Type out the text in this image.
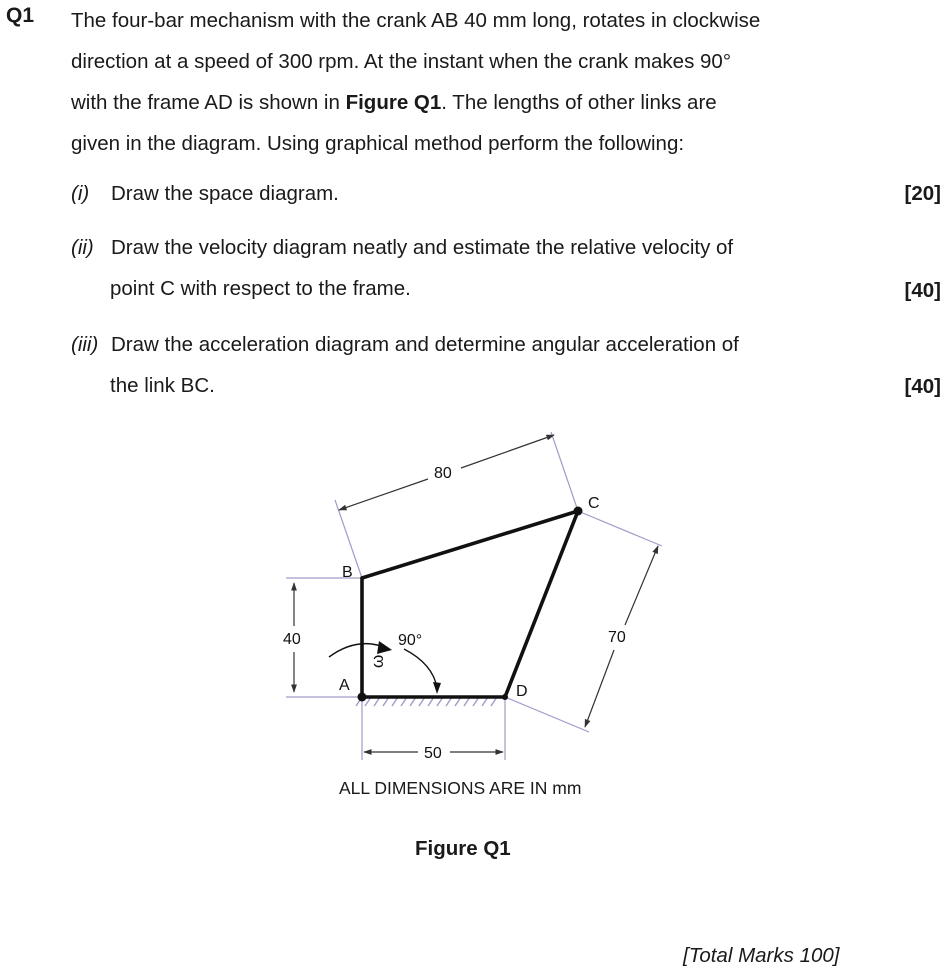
Q1 The four-bar mechanism with the crank AB 40 mm long, rotates in clockwise
direction at a speed of 300 rpm. At the instant when the crank makes 90°
with the frame AD is shown in Figure Q1. The lengths of other links are
given in the diagram. Using graphical method perform the following:
(i) Draw the space diagram.	[20]
(ii) Draw the velocity diagram neatly and estimate the relative velocity of
point C with respect to the frame.	[40]
(iii) Draw the acceleration diagram and determine angular acceleration of
the link BC.	[40]
A
B
C
D
90°
ω
40
80
70
50
ALL DIMENSIONS ARE IN mm
Figure Q1
[Total Marks 100]
